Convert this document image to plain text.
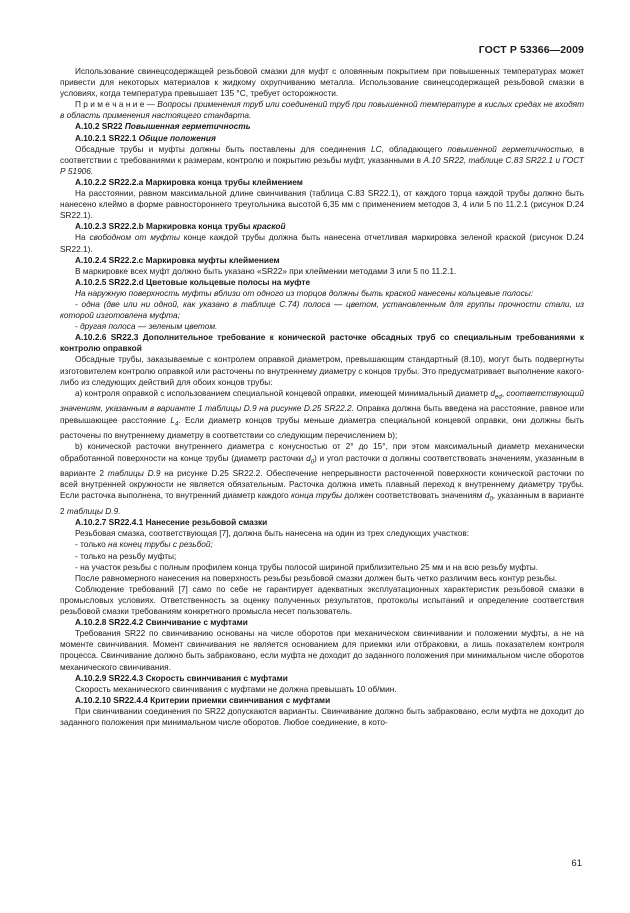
ГОСТ Р 53366—2009

Использование свинецсодержащей резьбовой смазки для муфт с оловянным покрытием при повышенных температурах может привести для некоторых материалов к жидкому охрупчиванию металла. Использование свинецсодержащей резьбовой смазки в условиях, когда температура превышает 135 °С, требует осторожности.

П р и м е ч а н и е — Вопросы применения труб или соединений труб при повышенной температуре в кислых средах не входят в область применения настоящего стандарта.

А.10.2 SR22 Повышенная герметичность

А.10.2.1 SR22.1 Общие положения

Обсадные трубы и муфты должны быть поставлены для соединения LC, обладающего повышенной герметичностью, в соответствии с требованиями к размерам, контролю и покрытию резьбы муфт, указанными в А.10 SR22, таблице С.83 SR22.1 и ГОСТ Р 51906.

А.10.2.2 SR22.2.а Маркировка конца трубы клеймением

На расстоянии, равном максимальной длине свинчивания (таблица С.83 SR22.1), от каждого торца каждой трубы должно быть нанесено клеймо в форме равностороннего треугольника высотой 6,35 мм с применением методов 3, 4 или 5 по 11.2.1 (рисунок D.24 SR22.1).

А.10.2.3 SR22.2.b Маркировка конца трубы краской

На свободном от муфты конце каждой трубы должна быть нанесена отчетливая маркировка зеленой краской (рисунок D.24 SR22.1).

А.10.2.4 SR22.2.с Маркировка муфты клеймением

В маркировке всех муфт должно быть указано «SR22» при клеймении методами 3 или 5 по 11.2.1.

А.10.2.5 SR22.2.d Цветовые кольцевые полосы на муфте

На наружную поверхность муфты вблизи от одного из торцов должны быть краской нанесены кольцевые полосы:

- одна (две или ни одной, как указано в таблице С.74) полоса — цветом, установленным для группы прочности стали, из которой изготовлена муфта;

- другая полоса — зеленым цветом.

А.10.2.6 SR22.3 Дополнительное требование к конической расточке обсадных труб со специальным требованиями к контролю оправкой

Обсадные трубы, заказываемые с контролем оправкой диаметром, превышающим стандартный (8.10), могут быть подвергнуты изготовителем контролю оправкой или расточены по внутреннему диаметру с концов трубы. Это предусматривает выполнение какого-либо из следующих действий для обоих концов трубы:

а) контроля оправкой с использованием специальной концевой оправки, имеющей минимальный диаметр $d_{ed}$, соответствующий значениям, указанным в варианте 1 таблицы D.9 на рисунке D.25 SR22.2. Оправка должна быть введена на расстояние, равное или превышающее расстояние $L_4$. Если диаметр концов трубы меньше диаметра специальной концевой оправки, они должны быть расточены по внутреннему диаметру в соответствии со следующим перечислением b);

b) конической расточки внутреннего диаметра с конусностью от 2° до 15°, при этом максимальный диаметр механически обработанной поверхности на конце трубы (диаметр расточки $d_0$) и угол расточки α должны соответствовать значениям, указанным в варианте 2 таблицы D.9 на рисунке D.25 SR22.2. Обеспечение непрерывности расточенной поверхности конической расточки по всей внутренней окружности не является обязательным. Расточка должна иметь плавный переход к внутреннему диаметру трубы. Если расточка выполнена, то внутренний диаметр каждого конца трубы должен соответствовать значениям $d_0$, указанным в варианте 2 таблицы D.9.

А.10.2.7 SR22.4.1 Нанесение резьбовой смазки

Резьбовая смазка, соответствующая [7], должна быть нанесена на один из трех следующих участков:

- только на конец трубы с резьбой;

- только на резьбу муфты;

- на участок резьбы с полным профилем конца трубы полосой шириной приблизительно 25 мм и на всю резьбу муфты.

После равномерного нанесения на поверхность резьбы резьбовой смазки должен быть четко различим весь контур резьбы.

Соблюдение требований [7] само по себе не гарантирует адекватных эксплуатационных характеристик резьбовой смазки в промысловых условиях. Ответственность за оценку полученных результатов, протоколы испытаний и определение соответствия резьбовой смазки требованиям конкретного промысла несет пользователь.

А.10.2.8 SR22.4.2 Свинчивание с муфтами

Требования SR22 по свинчиванию основаны на числе оборотов при механическом свинчивании и положении муфты, а не на моменте свинчивания. Момент свинчивания не является основанием для приемки или отбраковки, а лишь показателем контроля процесса. Свинчивание должно быть забраковано, если муфта не доходит до заданного положения при минимальном числе оборотов механического свинчивания.

А.10.2.9 SR22.4.3 Скорость свинчивания с муфтами

Скорость механического свинчивания с муфтами не должна превышать 10 об/мин.

А.10.2.10 SR22.4.4 Критерии приемки свинчивания с муфтами

При свинчивании соединения по SR22 допускаются варианты. Свинчивание должно быть забраковано, если муфта не доходит до заданного положения при минимальном числе оборотов. Любое соединение, в кото-

61
